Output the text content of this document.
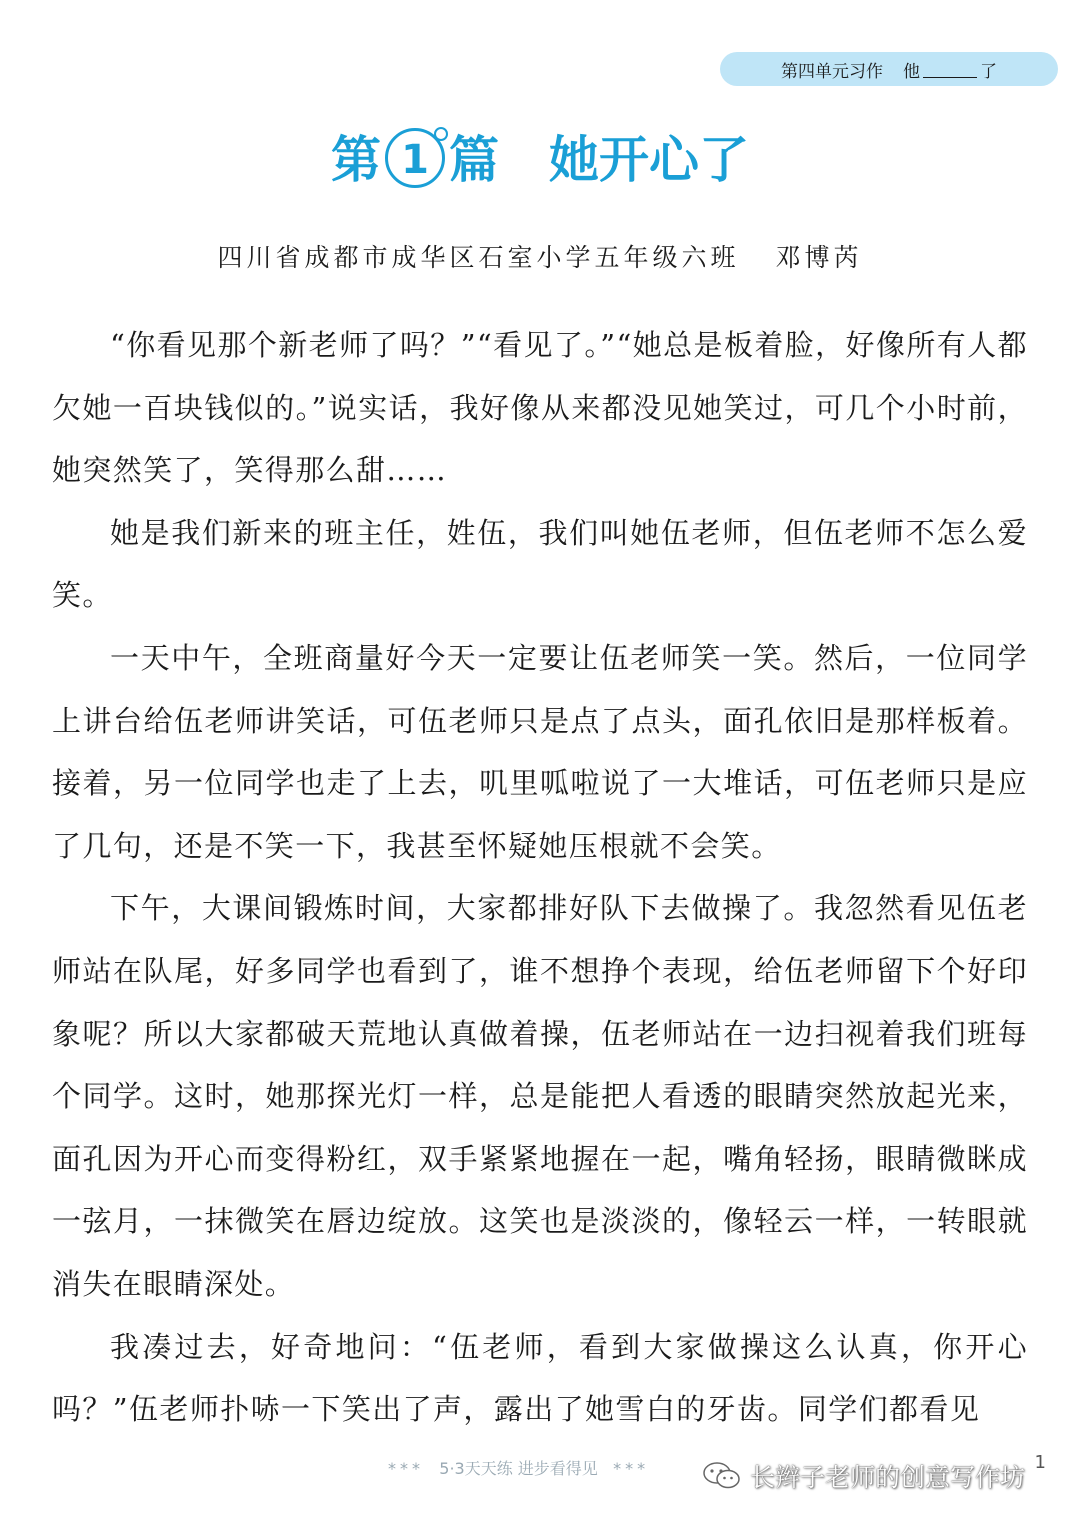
第四单元习作 他	了
第 1 篇 她开心了
四川省成都市成华区石室小学五年级六班 邓博芮

“你看见那个新老师了吗？”“看见了。”“她总是板着脸，好像所有人都欠她一百块钱似的。”说实话，我好像从来都没见她笑过，可几个小时前，她突然笑了，笑得那么甜……

她是我们新来的班主任，姓伍，我们叫她伍老师，但伍老师不怎么爱笑。

一天中午，全班商量好今天一定要让伍老师笑一笑。然后，一位同学上讲台给伍老师讲笑话，可伍老师只是点了点头，面孔依旧是那样板着。接着，另一位同学也走了上去，叽里呱啦说了一大堆话，可伍老师只是应了几句，还是不笑一下，我甚至怀疑她压根就不会笑。

下午，大课间锻炼时间，大家都排好队下去做操了。我忽然看见伍老师站在队尾，好多同学也看到了，谁不想挣个表现，给伍老师留下个好印象呢？所以大家都破天荒地认真做着操，伍老师站在一边扫视着我们班每个同学。这时，她那探光灯一样，总是能把人看透的眼睛突然放起光来，面孔因为开心而变得粉红，双手紧紧地握在一起，嘴角轻扬，眼睛微眯成一弦月，一抹微笑在唇边绽放。这笑也是淡淡的，像轻云一样，一转眼就消失在眼睛深处。

我凑过去，好奇地问：“伍老师，看到大家做操这么认真，你开心吗？”伍老师扑哧一下笑出了声，露出了她雪白的牙齿。同学们都看见

*** 5·3天天练 进步看得见 ***	1
长辫子老师的创意写作坊
